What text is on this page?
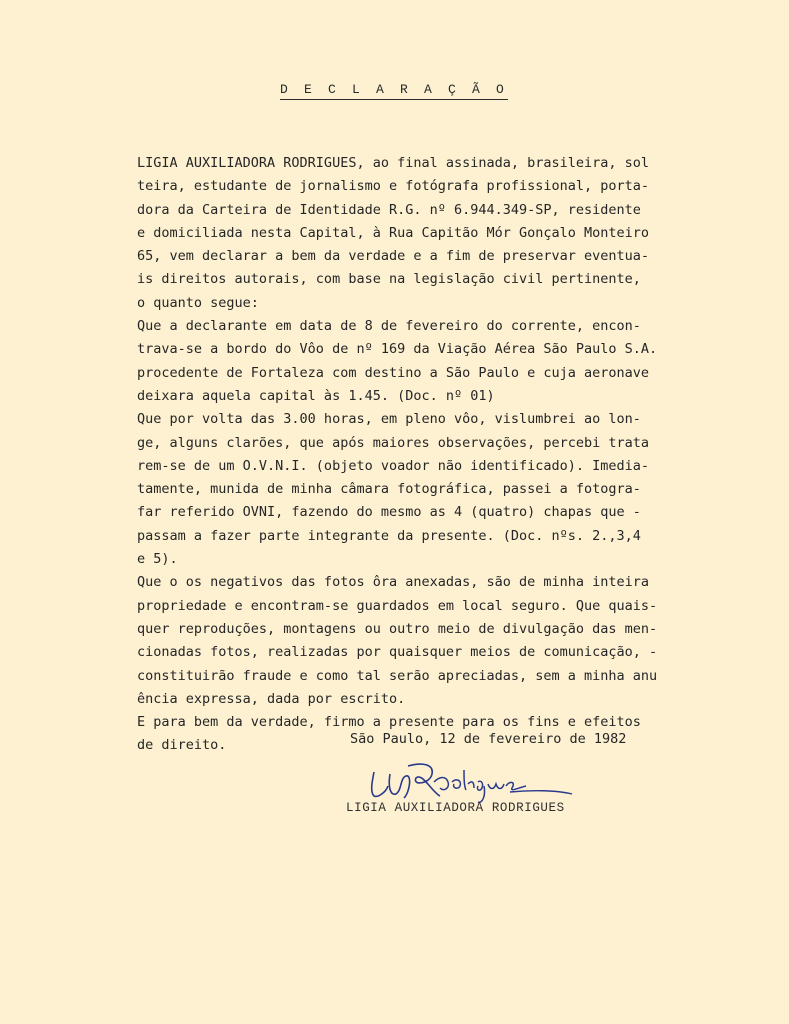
D E C L A R A Ç Ã O
LIGIA AUXILIADORA RODRIGUES, ao final assinada, brasileira, sol
teira, estudante de jornalismo e fotógrafa profissional, porta-
dora da Carteira de Identidade R.G. nº 6.944.349-SP, residente
e domiciliada nesta Capital, à Rua Capitão Mór Gonçalo Monteiro
65, vem declarar a bem da verdade e a fim de preservar eventua-
is direitos autorais, com base na legislação civil pertinente,
o quanto segue:
Que a declarante em data de 8 de fevereiro do corrente, encon-
trava-se a bordo do Vôo de nº 169 da Viação Aérea São Paulo S.A.
procedente de Fortaleza com destino a São Paulo e cuja aeronave
deixara aquela capital às 1.45. (Doc. nº 01)
Que por volta das 3.00 horas, em pleno vôo, vislumbrei ao lon-
ge, alguns clarões, que após maiores observações, percebi trata
rem-se de um O.V.N.I. (objeto voador não identificado). Imedia-
tamente, munida de minha câmara fotográfica, passei a fotogra-
far referido OVNI, fazendo do mesmo as 4 (quatro) chapas que -
passam a fazer parte integrante da presente. (Doc. nºs. 2.,3,4
e 5).
Que o os negativos das fotos ôra anexadas, são de minha inteira
propriedade e encontram-se guardados em local seguro. Que quais-
quer reproduções, montagens ou outro meio de divulgação das men-
cionadas fotos, realizadas por quaisquer meios de comunicação, -
constituirão fraude e como tal serão apreciadas, sem a minha anu
ência expressa, dada por escrito.
E para bem da verdade, firmo a presente para os fins e efeitos
de direito.	São Paulo, 12 de fevereiro de 1982
LIGIA AUXILIADORA RODRIGUES
